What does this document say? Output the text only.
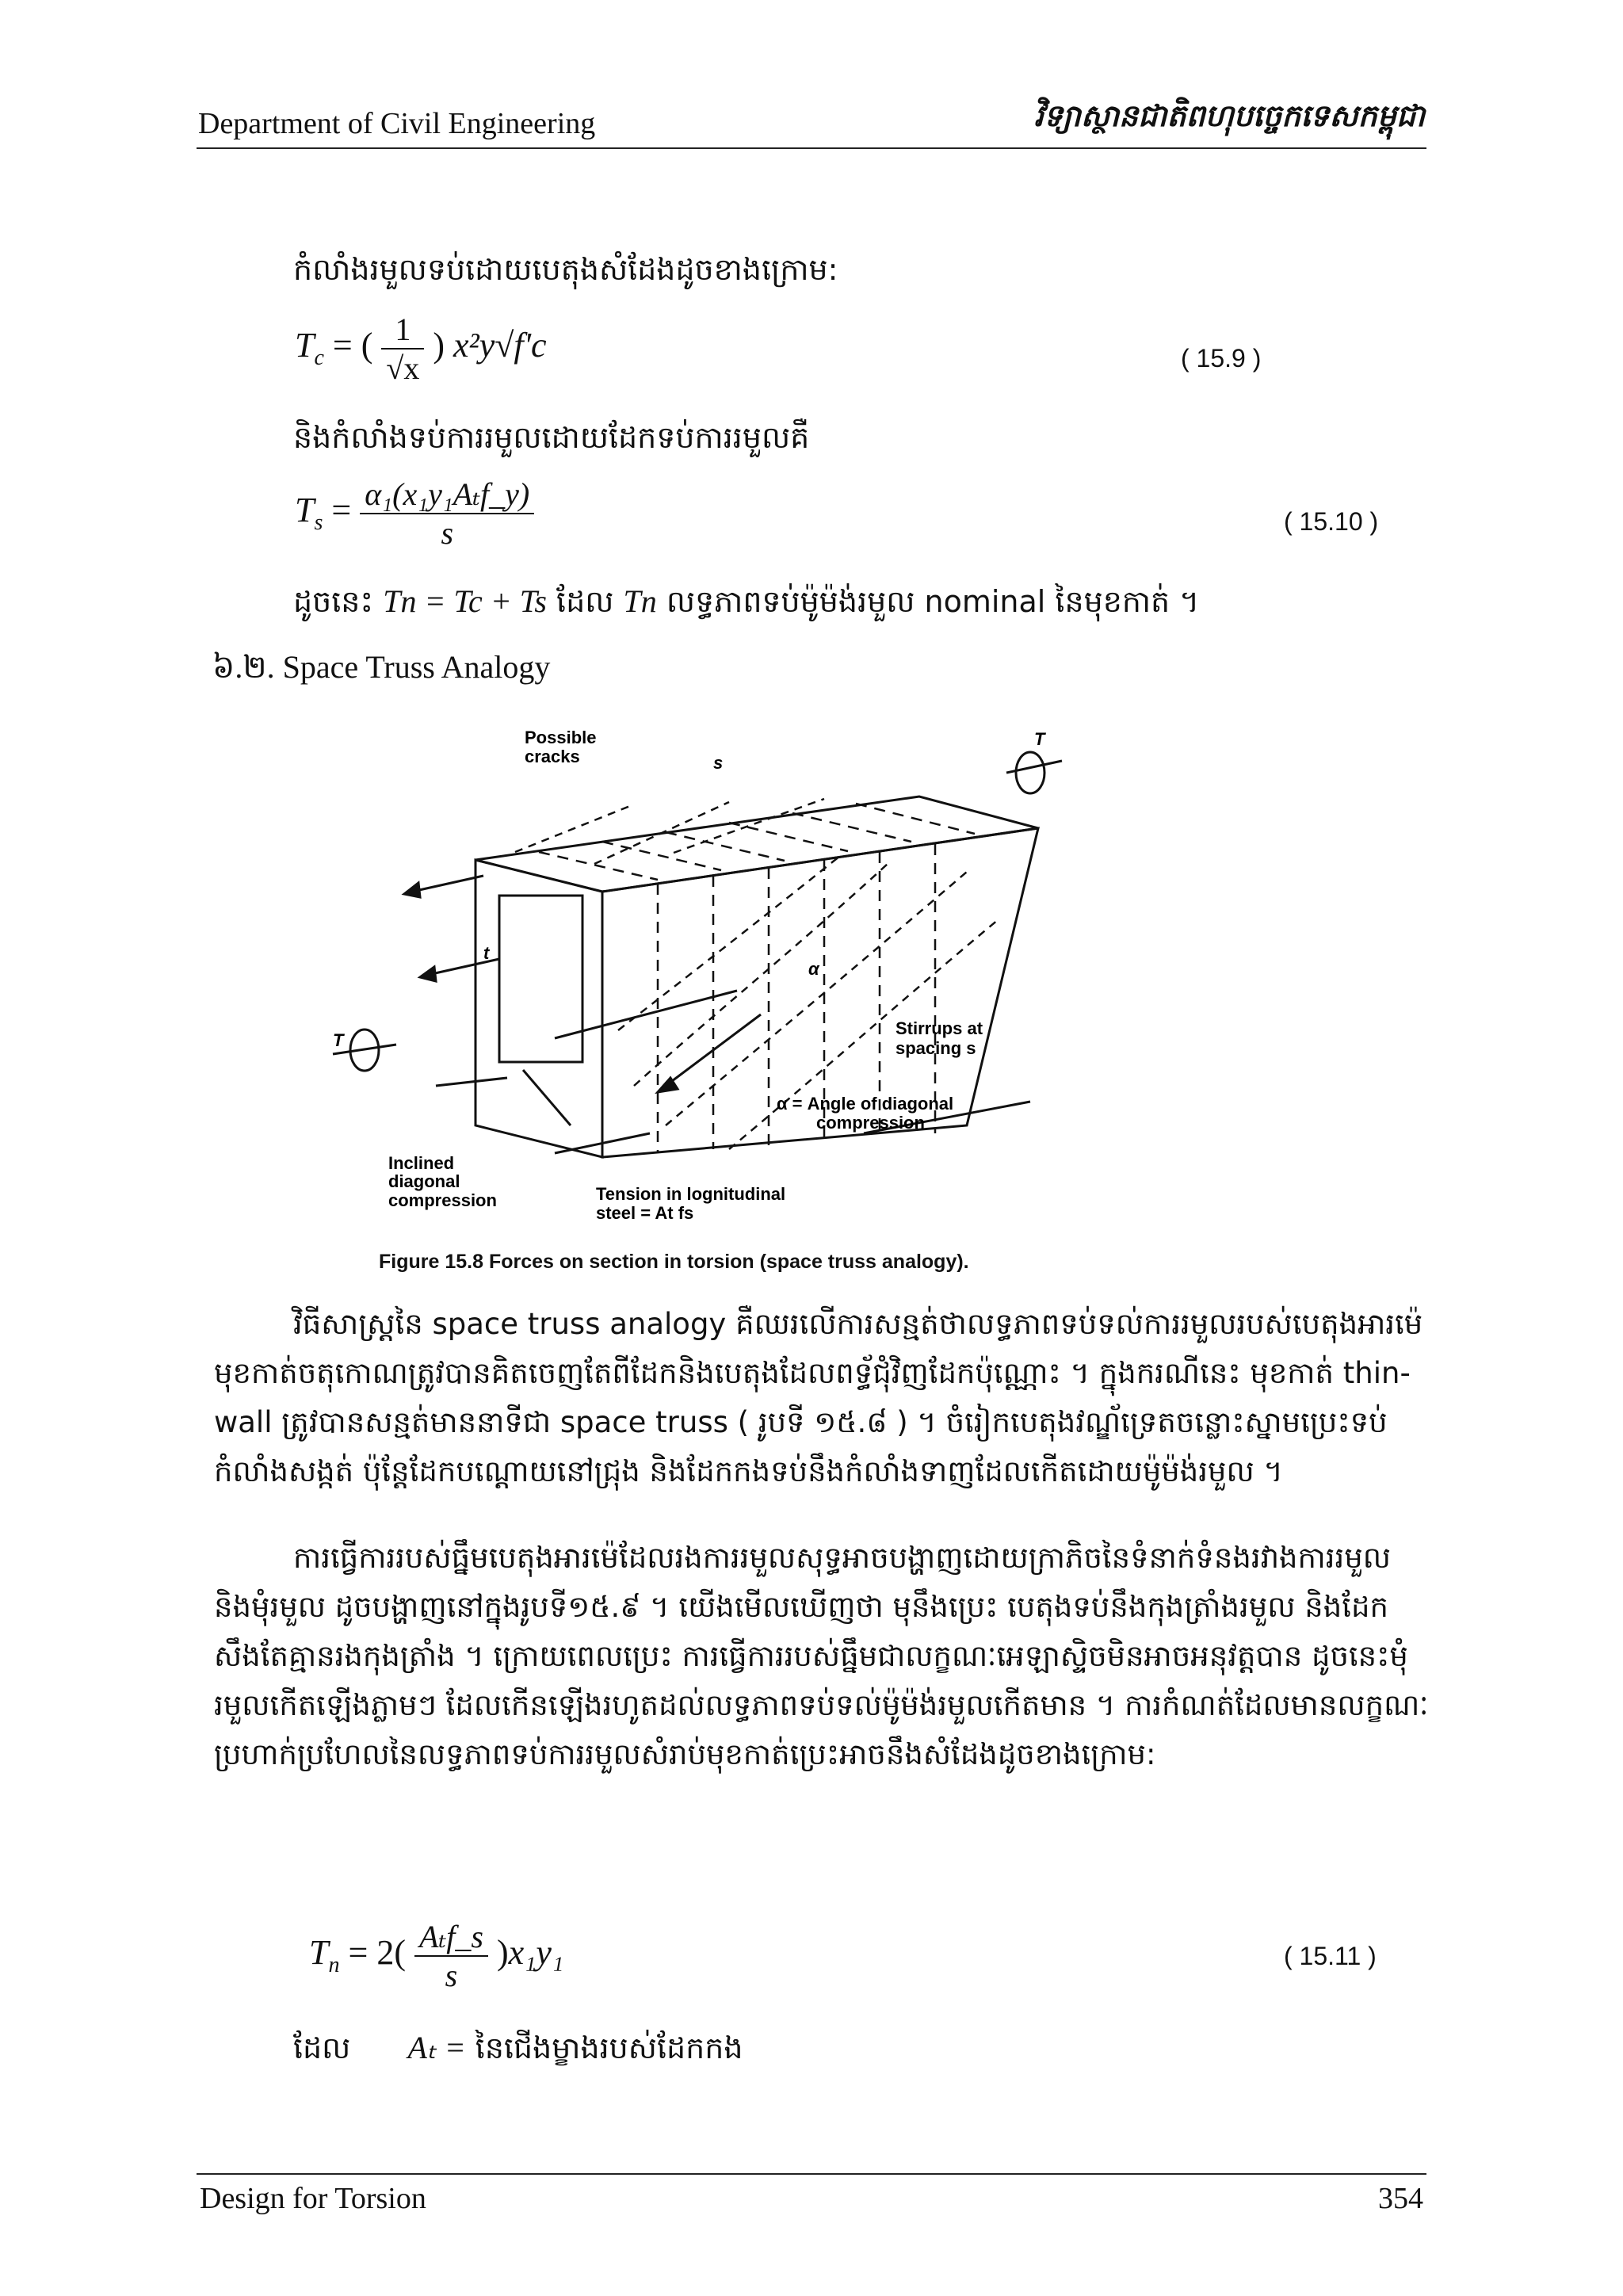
Department of Civil Engineering	វិទ្យាស្ថានជាតិពហុបច្ចេកទេសកម្ពុជា
កំលាំងរមួលទប់ដោយបេតុងសំដែងដូចខាងក្រោម:
$T_c$ = ( $\frac{1}{√x}$ ) x²y√f'c	( 15.9 )
និងកំលាំងទប់ការរមួលដោយដែកទប់ការរមួលគឺ
$T_s = \frac{\text{α₁(x₁y₁Aₜf\_y)}}{s}$	( 15.10 )
ដូចនេះ Tn = Tc + Ts ដែល Tn លទ្ធភាពទប់ម៉ូម៉ង់រមួល nominal នៃមុខកាត់ ។
៦.២. Space Truss Analogy
Possible
cracks	s
T
T
t
α
Stirrups at
spacing s
α = Angle of diagonal
compression
Inclined
diagonal
compression	Tension in lognitudinal
steel = At fs
Figure 15.8 Forces on section in torsion (space truss analogy).

វិធីសាស្ត្រនៃ space truss analogy គឺឈរលើការសន្មត់ថាលទ្ធភាពទប់ទល់ការរមួលរបស់បេតុងអារម៉េមុខកាត់ចតុកោណត្រូវបានគិតចេញតែពីដែកនិងបេតុងដែលពទ្ធ័ជុំវិញដែកប៉ុណ្ណោះ ។ ក្នុងករណីនេះ មុខកាត់ thin-wall ត្រូវបានសន្មត់មាននាទីជា space truss ( រូបទី ១៥.៨ ) ។ ចំរៀកបេតុងវណ្ឌ័ទ្រេតចន្លោះស្នាមប្រេះទប់កំលាំងសង្កត់ ប៉ុន្តែដែកបណ្ដោយនៅជ្រុង និងដែកកងទប់នឹងកំលាំងទាញដែលកើតដោយម៉ូម៉ង់រមួល ។

ការធ្វើការរបស់ធ្នឹមបេតុងអារម៉េដែលរងការរមួលសុទ្ធអាចបង្ហាញដោយក្រាភិចនៃទំនាក់ទំនងរវាងការរមួលនិងមុំរមួល ដូចបង្ហាញនៅក្នុងរូបទី១៥.៩ ។ យើងមើលឃើញថា មុនឹងប្រេះ បេតុងទប់នឹងកុងត្រាំងរមួល និងដែកសឹងតែគ្មានរងកុងត្រាំង ។ ក្រោយពេលប្រេះ ការធ្វើការរបស់ធ្នឹមជាលក្ខណៈអេឡាស្ទិចមិនអាចអនុវត្តបាន ដូចនេះមុំរមួលកើតឡើងភ្លាមៗ ដែលកើនឡើងរហូតដល់លទ្ធភាពទប់ទល់ម៉ូម៉ង់រមួលកើតមាន ។ ការកំណត់ដែលមានលក្ខណៈប្រហាក់ប្រហែលនៃលទ្ធភាពទប់ការរមួលសំរាប់មុខកាត់ប្រេះអាចនឹងសំដែងដូចខាងក្រោម:

$T_n = 2( \frac{\text{Aₜf\_s}}{s} )x_1y_1$	( 15.11 )
ដែល Aₜ = នៃជើងម្ខាងរបស់ដែកកង
Design for Torsion	354
